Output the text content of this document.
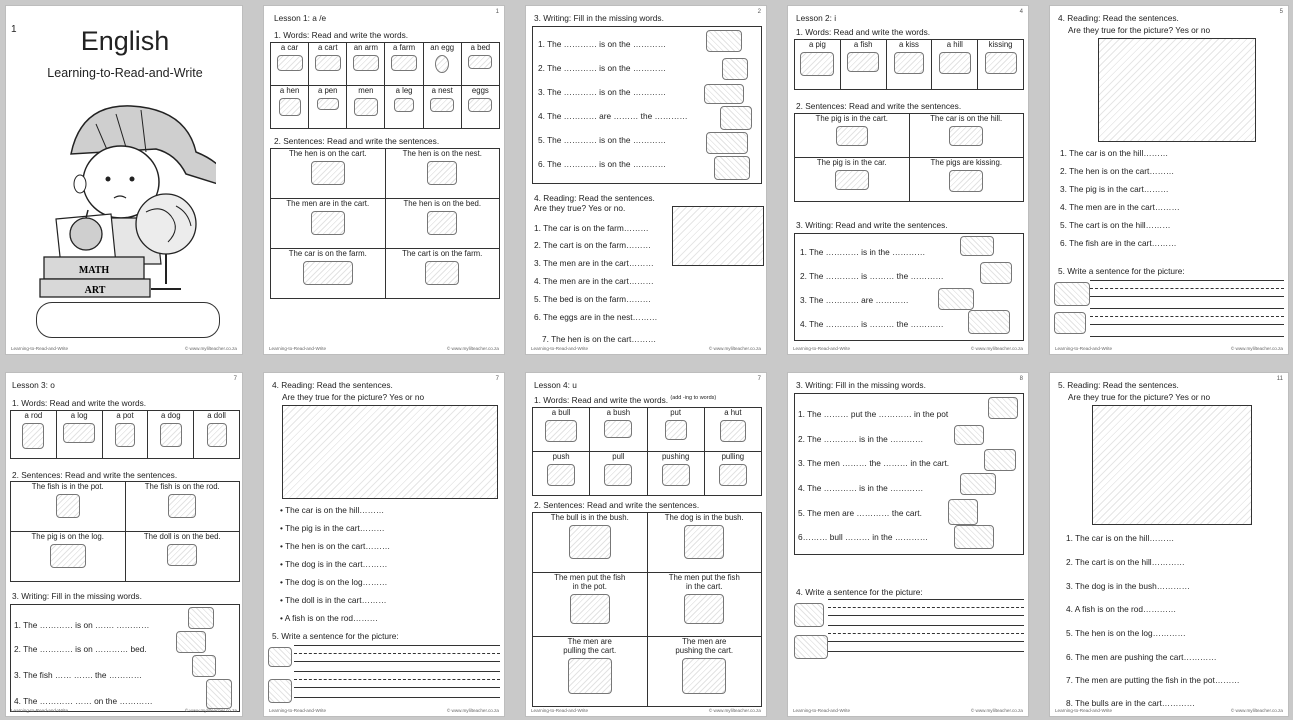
1	English
Learning-to-Read-and-Write
MATH
ART
Learning-to-Read-and-Write	© www.mylilteacher.co.za
1
Lesson 1: a /e
1. Words: Read and write the words.
a car	a cart	an arm	a farm	an egg	a bed

a hen	a pen	men	a leg	a nest	eggs
2. Sentences: Read and write the sentences.
The hen is on the cart.	The hen is on the nest.

The men are in the cart.	The hen is on the bed.

The car is on the farm.	The cart is on the farm.
Learning-to-Read-and-Write	© www.mylilteacher.co.za
2
3. Writing: Fill in the missing words.
1. The ………… is on the …………
2. The ………… is on the …………
3. The ………… is on the …………
4. The ………… are ……… the …………
5. The ………… is on the …………
6. The ………… is on the …………
4. Reading: Read the sentences.
Are they true? Yes or no.
1. The car is on the farm………
2. The cart is on the farm………
3. The men are in the cart………
4. The men are in the cart………
5. The bed is on the farm………
6. The eggs are in the nest………
7. The hen is on the cart………
Learning-to-Read-and-Write	© www.mylilteacher.co.za
4
Lesson 2: i
1. Words: Read and write the words.
a pig	a fish	a kiss	a hill	kissing
2. Sentences: Read and write the sentences.
The pig is in the cart.	The car is on the hill.

The pig is in the car.	The pigs are kissing.
3. Writing: Read and write the sentences.
1. The ………… is in the …………
2. The ………… is ……… the …………
3. The ………… are …………
4. The ………… is ……… the …………
Learning-to-Read-and-Write	© www.mylilteacher.co.za
5
4. Reading: Read the sentences.
Are they true for the picture? Yes or no
1. The car is on the hill………
2. The hen is on the cart………
3. The pig is in the cart………
4. The men are in the cart………
5. The cart is on the hill………
6. The fish are in the cart………
5. Write a sentence for the picture:
Learning-to-Read-and-Write	© www.mylilteacher.co.za
7
Lesson 3: o
1. Words: Read and write the words.
a rod	a log	a pot	a dog	a doll
2. Sentences: Read and write the sentences.
The fish is in the pot.	The fish is on the rod.

The pig is on the log.	The doll is on the bed.
3. Writing: Fill in the missing words.
1. The ………… is on ……. …………
2. The ………… is on ………… bed.
3. The fish …… ……. the …………
4. The ………… …… on the …………
Learning-to-Read-and-Write	© www.mylilteacher.co.za
7
4. Reading: Read the sentences.
Are they true for the picture? Yes or no
• The car is on the hill………
• The pig is in the cart………
• The hen is on the cart………
• The dog is in the cart………
• The dog is on the log………
• The doll is in the cart………
• A fish is on the rod………
5. Write a sentence for the picture:
Learning-to-Read-and-Write	© www.mylilteacher.co.za
7
Lesson 4: u
1. Words: Read and write the words. $^{(add -ing to words)}$
a bull	a bush	put	a hut

push	pull	pushing	pulling
2. Sentences: Read and write the sentences.
The bull is in the bush.	The dog is in the bush.

The men put the fish
in the pot.	The men put the fish
in the cart.

The men are
pulling the cart.	The men are
pushing the cart.
Learning-to-Read-and-Write	© www.mylilteacher.co.za
8
3. Writing: Fill in the missing words.
1. The ……… put the ………… in the pot
2. The ………… is in the …………
3. The men ……… the ……… in the cart.
4. The ………… is in the …………
5. The men are ………… the cart.
6……… bull ……… in the …………
4. Write a sentence for the picture:
Learning-to-Read-and-Write	© www.mylilteacher.co.za
11
5. Reading: Read the sentences.
Are they true for the picture? Yes or no
1. The car is on the hill………
2. The cart is on the hill…………
3. The dog is in the bush…………
4. A fish is on the rod…………
5. The hen is on the log…………
6. The men are pushing the cart…………
7. The men are putting the fish in the pot………
8. The bulls are in the cart…………
Learning-to-Read-and-Write	© www.mylilteacher.co.za
